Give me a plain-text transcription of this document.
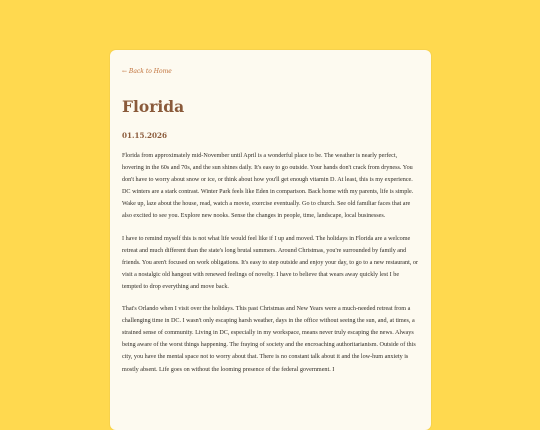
← Back to Home
Florida
01.15.2026

Florida from approximately mid-November until April is a wonderful place to be. The weather is nearly perfect, hovering in the 60s and 70s, and the sun shines daily. It's easy to go outside. Your hands don't crack from dryness. You don't have to worry about snow or ice, or think about how you'll get enough vitamin D. At least, this is my experience. DC winters are a stark contrast. Winter Park feels like Eden in comparison. Back home with my parents, life is simple. Wake up, laze about the house, read, watch a movie, exercise eventually. Go to church. See old familiar faces that are also excited to see you. Explore new nooks. Sense the changes in people, time, landscape, local businesses.

I have to remind myself this is not what life would feel like if I up and moved. The holidays in Florida are a welcome retreat and much different than the state's long brutal summers. Around Christmas, you're surrounded by family and friends. You aren't focused on work obligations. It's easy to step outside and enjoy your day, to go to a new restaurant, or visit a nostalgic old hangout with renewed feelings of novelty. I have to believe that wears away quickly lest I be tempted to drop everything and move back.

That's Orlando when I visit over the holidays. This past Christmas and New Years were a much-needed retreat from a challenging time in DC. I wasn't only escaping harsh weather, days in the office without seeing the sun, and, at times, a strained sense of community. Living in DC, especially in my workspace, means never truly escaping the news. Always being aware of the worst things happening. The fraying of society and the encroaching authoritarianism. Outside of this city, you have the mental space not to worry about that. There is no constant talk about it and the low-hum anxiety is mostly absent. Life goes on without the looming presence of the federal government. I
